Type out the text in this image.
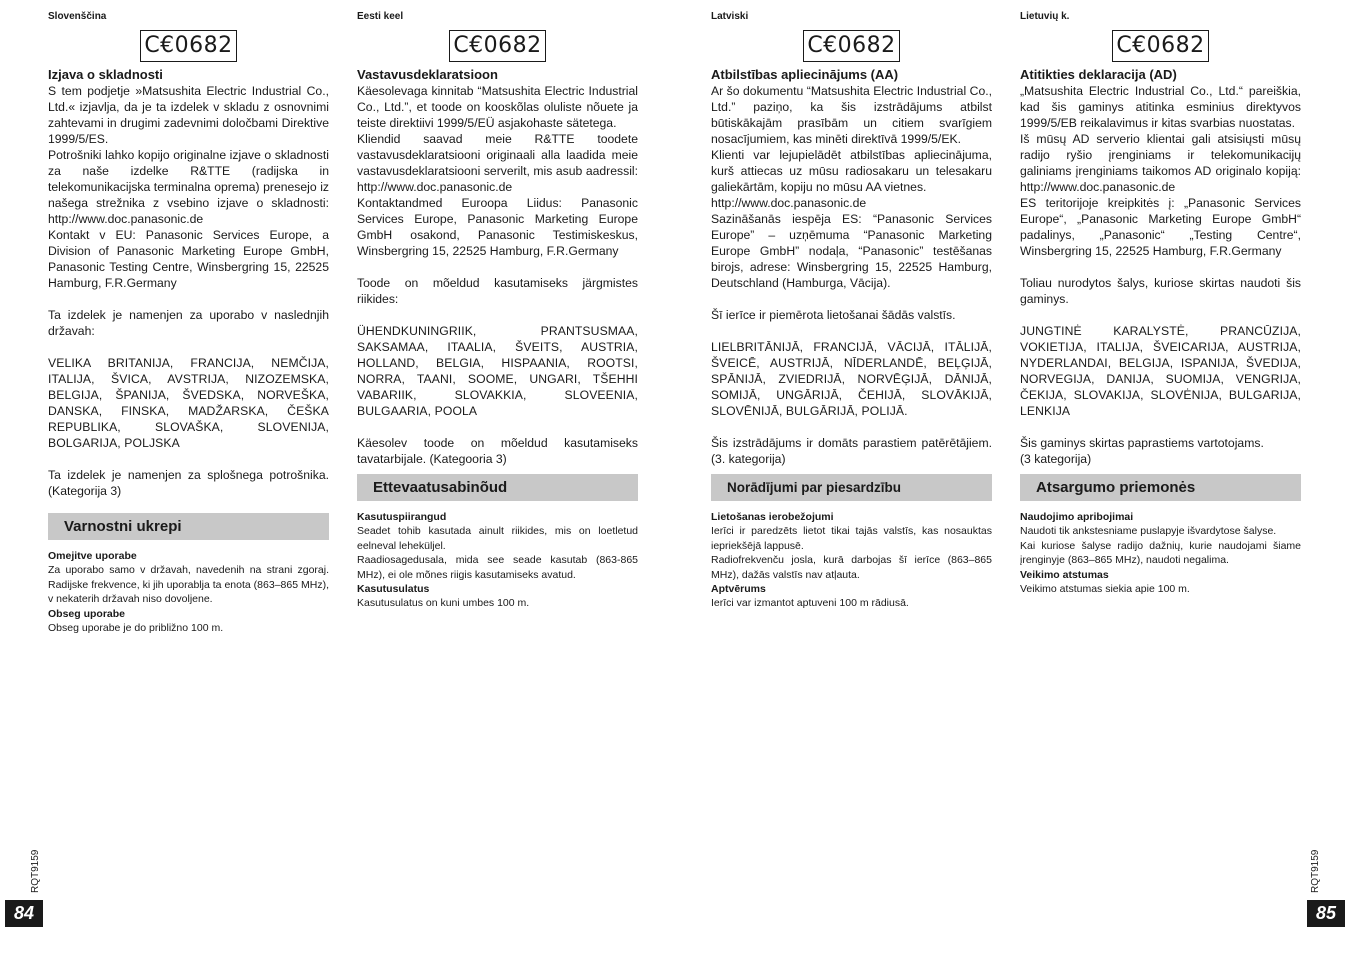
Slovenščina

C€0682

Izjava o skladnosti

S tem podjetje »Matsushita Electric Industrial Co., Ltd.« izjavlja, da je ta izdelek v skladu z osnovnimi zahtevami in drugimi zadevnimi določbami Direktive 1999/5/ES.
Potrošniki lahko kopijo originalne izjave o skladnosti za naše izdelke R&TTE (radijska in telekomunikacijska terminalna oprema) prenesejo iz našega strežnika z vsebino izjave o skladnosti: http://www.doc.panasonic.de
Kontakt v EU: Panasonic Services Europe, a Division of Panasonic Marketing Europe GmbH, Panasonic Testing Centre, Winsbergring 15, 22525 Hamburg, F.R.Germany

Ta izdelek je namenjen za uporabo v naslednjih državah:

VELIKA BRITANIJA, FRANCIJA, NEMČIJA, ITALIJA, ŠVICA, AVSTRIJA, NIZOZEMSKA, BELGIJA, ŠPANIJA, ŠVEDSKA, NORVEŠKA, DANSKA, FINSKA, MADŽARSKA, ČEŠKA REPUBLIKA, SLOVAŠKA, SLOVENIJA, BOLGARIJA, POLJSKA

Ta izdelek je namenjen za splošnega potrošnika. (Kategorija 3)

Varnostni ukrepi

Omejitve uporabe

Za uporabo samo v državah, navedenih na strani zgoraj. Radijske frekvence, ki jih uporablja ta enota (863–865 MHz), v nekaterih državah niso dovoljene.

Obseg uporabe

Obseg uporabe je do približno 100 m.

Eesti keel

C€0682

Vastavusdeklaratsioon

Käesolevaga kinnitab “Matsushita Electric Industrial Co., Ltd.”, et toode on kooskõlas oluliste nõuete ja teiste direktiivi 1999/5/EÜ asjakohaste sätetega.
Kliendid saavad meie R&TTE toodete vastavusdeklaratsiooni originaali alla laadida meie vastavusdeklaratsiooni serverilt, mis asub aadressil: http://www.doc.panasonic.de
Kontaktandmed Euroopa Liidus: Panasonic Services Europe, Panasonic Marketing Europe GmbH osakond, Panasonic Testimiskeskus, Winsbergring 15, 22525 Hamburg, F.R.Germany

Toode on mõeldud kasutamiseks järgmistes riikides:

ÜHENDKUNINGRIIK, PRANTSUSMAA, SAKSAMAA, ITAALIA, ŠVEITS, AUSTRIA, HOLLAND, BELGIA, HISPAANIA, ROOTSI, NORRA, TAANI, SOOME, UNGARI, TŠEHHI VABARIIK, SLOVAKKIA, SLOVEENIA, BULGAARIA, POOLA

Käesolev toode on mõeldud kasutamiseks tavatarbijale. (Kategooria 3)

Ettevaatusabinõud

Kasutuspiirangud

Seadet tohib kasutada ainult riikides, mis on loetletud eelneval leheküljel.
Raadiosagedusala, mida see seade kasutab (863-865 MHz), ei ole mõnes riigis kasutamiseks avatud.

Kasutusulatus

Kasutusulatus on kuni umbes 100 m.

Latviski

C€0682

Atbilstības apliecinājums (AA)

Ar šo dokumentu “Matsushita Electric Industrial Co., Ltd.” paziņo, ka šis izstrādājums atbilst būtiskākajām prasībām un citiem svarīgiem nosacījumiem, kas minēti direktīvā 1999/5/EK.
Klienti var lejupielādēt atbilstības apliecinājuma, kurš attiecas uz mūsu radiosakaru un telesakaru galiekārtām, kopiju no mūsu AA vietnes.
http://www.doc.panasonic.de
Sazināšanās iespēja ES: “Panasonic Services Europe” – uzņēmuma “Panasonic Marketing Europe GmbH” nodaļa, “Panasonic” testēšanas birojs, adrese: Winsbergring 15, 22525 Hamburg, Deutschland (Hamburga, Vācija).

Šī ierīce ir piemērota lietošanai šādās valstīs.

LIELBRITĀNIJĀ, FRANCIJĀ, VĀCIJĀ, ITĀLIJĀ, ŠVEICĒ, AUSTRIJĀ, NĪDERLANDĒ, BEĻĢIJĀ, SPĀNIJĀ, ZVIEDRIJĀ, NORVĒĢIJĀ, DĀNIJĀ, SOMIJĀ, UNGĀRIJĀ, ČEHIJĀ, SLOVĀKIJĀ, SLOVĒNIJĀ, BULGĀRIJĀ, POLIJĀ.

Šis izstrādājums ir domāts parastiem patērētājiem. (3. kategorija)

Norādījumi par piesardzību

Lietošanas ierobežojumi

Ierīci ir paredzēts lietot tikai tajās valstīs, kas nosauktas iepriekšējā lappusē.
Radiofrekvenču josla, kurā darbojas šī ierīce (863–865 MHz), dažās valstīs nav atļauta.

Aptvērums

Ierīci var izmantot aptuveni 100 m rādiusā.

Lietuvių k.

C€0682

Atitikties deklaracija (AD)

„Matsushita Electric Industrial Co., Ltd.“ pareiškia, kad šis gaminys atitinka esminius direktyvos 1999/5/EB reikalavimus ir kitas svarbias nuostatas.
Iš mūsų AD serverio klientai gali atsisiųsti mūsų radijo ryšio įrenginiams ir telekomunikacijų galiniams įrenginiams taikomos AD originalo kopiją: http://www.doc.panasonic.de
ES teritorijoje kreipkitės į: „Panasonic Services Europe“, „Panasonic Marketing Europe GmbH“ padalinys, „Panasonic“ „Testing Centre“, Winsbergring 15, 22525 Hamburg, F.R.Germany

Toliau nurodytos šalys, kuriose skirtas naudoti šis gaminys.

JUNGTINĖ KARALYSTĖ, PRANCŪZIJA, VOKIETIJA, ITALIJA, ŠVEICARIJA, AUSTRIJA, NYDERLANDAI, BELGIJA, ISPANIJA, ŠVEDIJA, NORVEGIJA, DANIJA, SUOMIJA, VENGRIJA, ČEKIJA, SLOVAKIJA, SLOVĖNIJA, BULGARIJA, LENKIJA

Šis gaminys skirtas paprastiems vartotojams.
(3 kategorija)

Atsargumo priemonės

Naudojimo apribojimai

Naudoti tik ankstesniame puslapyje išvardytose šalyse.
Kai kuriose šalyse radijo dažnių, kurie naudojami šiame įrenginyje (863–865 MHz), naudoti negalima.

Veikimo atstumas

Veikimo atstumas siekia apie 100 m.

RQT9159
84
RQT9159
85
